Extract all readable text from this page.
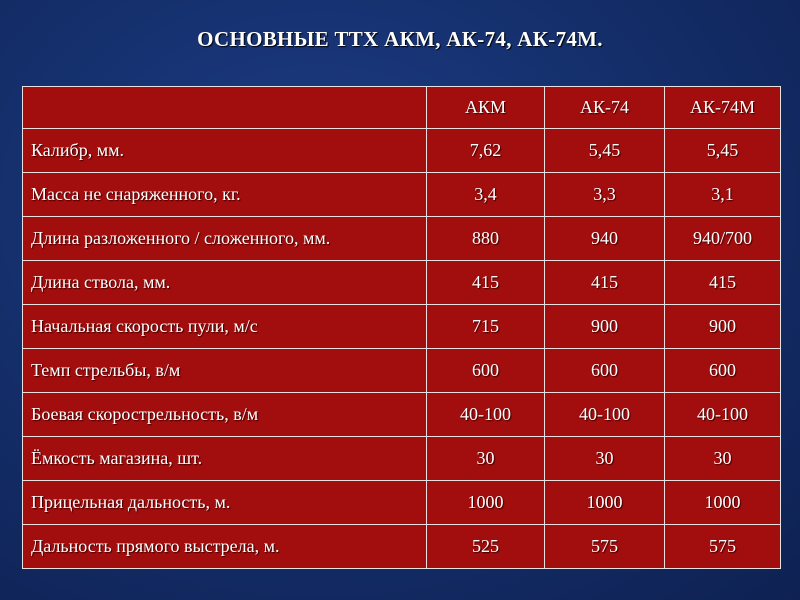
ОСНОВНЫЕ ТТХ АКМ, АК-74, АК-74М.
	АКМ	АК-74	АК-74М
Калибр, мм.	7,62	5,45	5,45
Масса не снаряженного, кг.	3,4	3,3	3,1
Длина разложенного / сложенного, мм.	880	940	940/700
Длина ствола, мм.	415	415	415
Начальная скорость пули, м/с	715	900	900
Темп стрельбы, в/м	600	600	600
Боевая скорострельность, в/м	40-100	40-100	40-100
Ёмкость магазина, шт.	30	30	30
Прицельная дальность, м.	1000	1000	1000
Дальность прямого выстрела, м.	525	575	575
